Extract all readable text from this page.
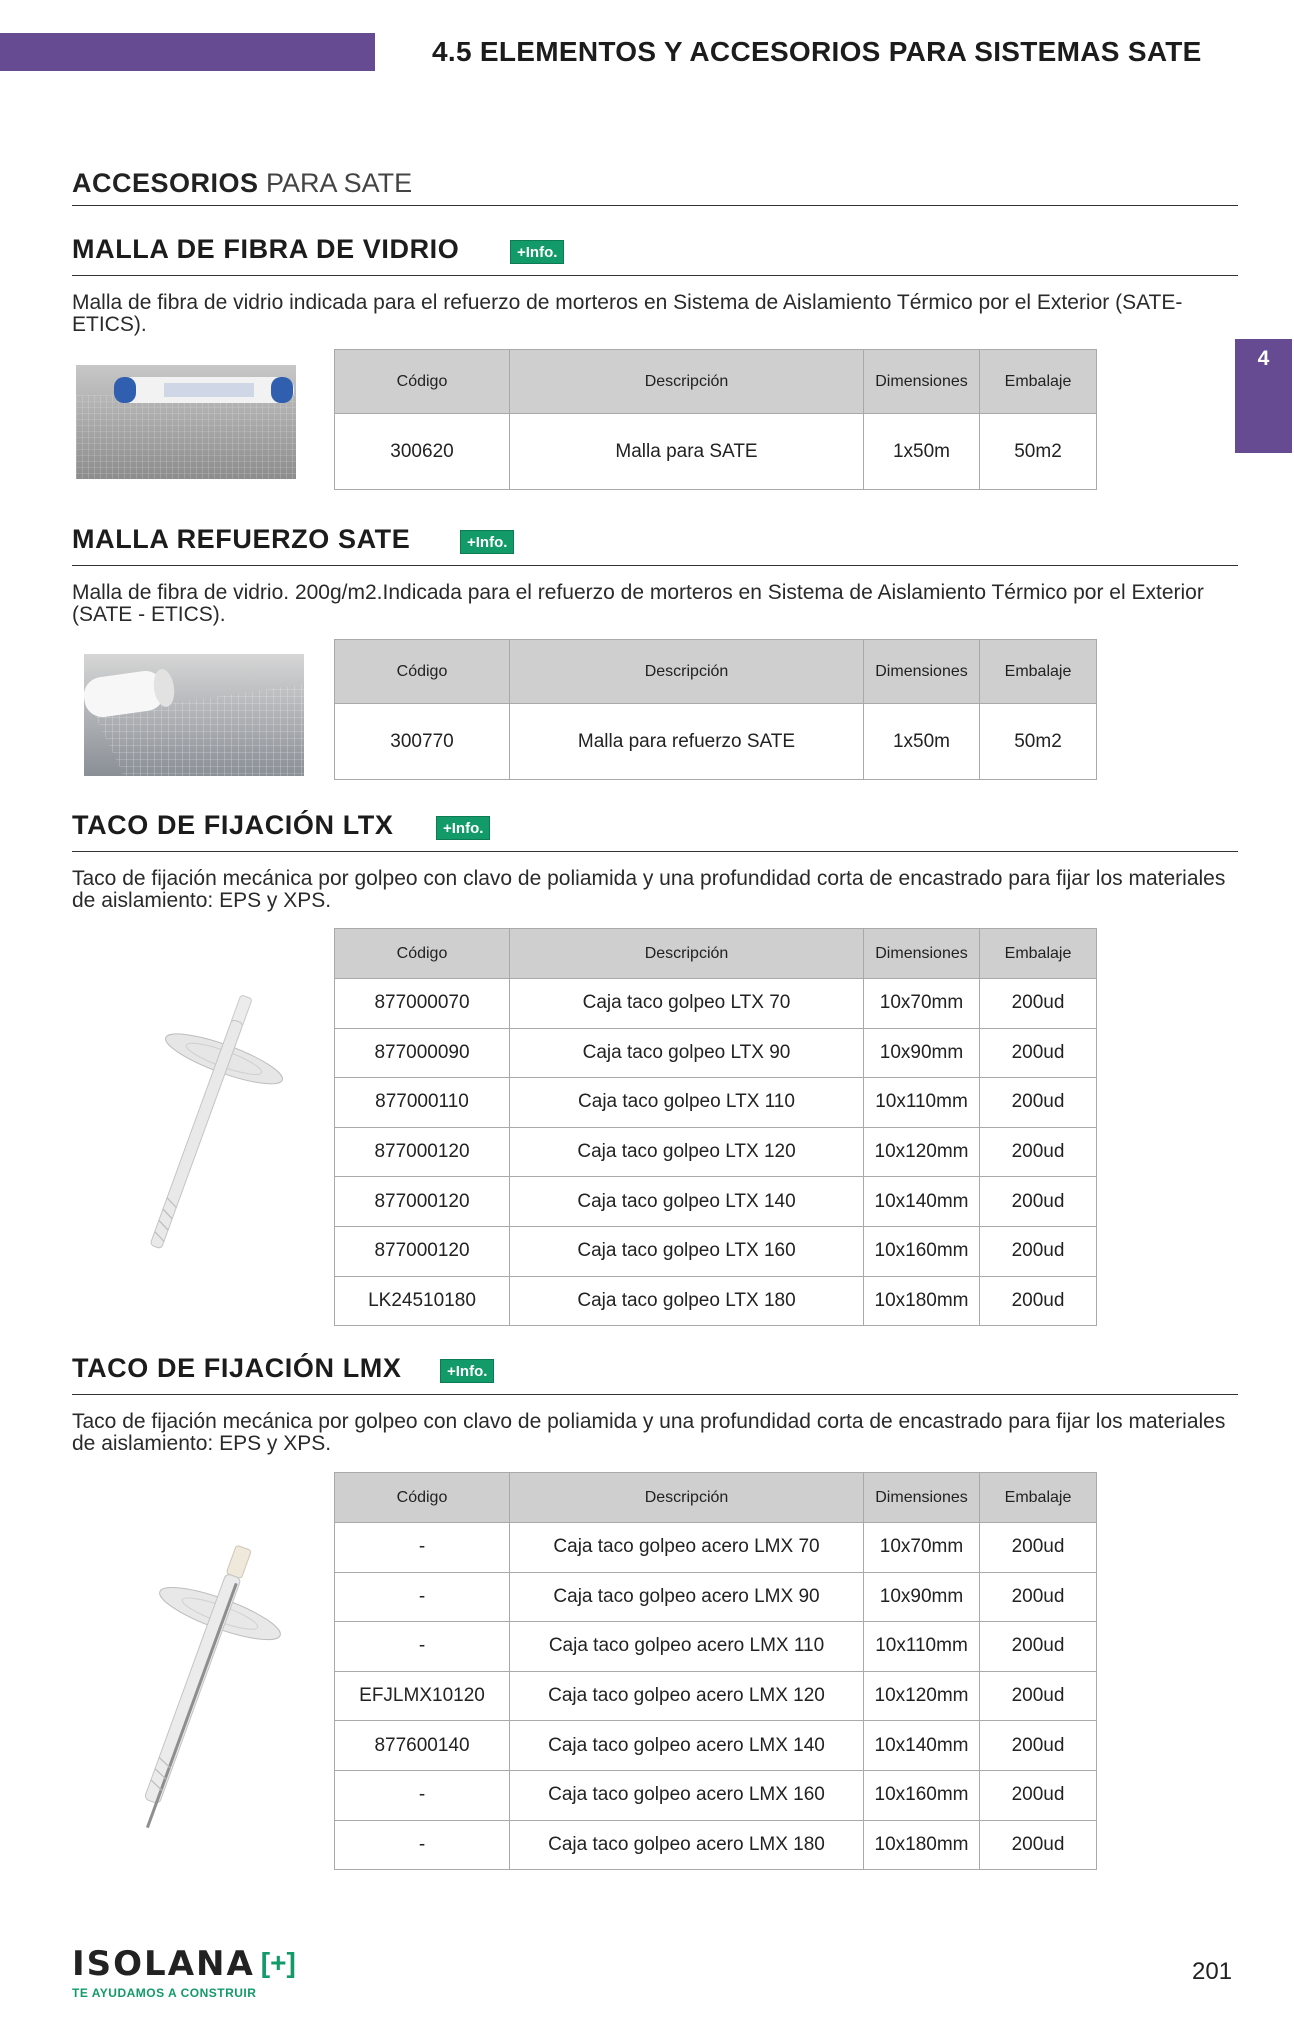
4.5 ELEMENTOS Y ACCESORIOS PARA SISTEMAS SATE
4
ACCESORIOS PARA SATE
MALLA DE FIBRA DE VIDRIO	+Info.
Malla de fibra de vidrio indicada para el refuerzo de morteros en Sistema de Aislamiento Térmico por el Exterior (SATE-ETICS).
Código	Descripción	Dimensiones	Embalaje
300620	Malla para SATE	1x50m	50m2
MALLA REFUERZO SATE	+Info.
Malla de fibra de vidrio. 200g/m2.Indicada para el refuerzo de morteros en Sistema de Aislamiento Térmico por el Exterior (SATE - ETICS).
Código	Descripción	Dimensiones	Embalaje
300770	Malla para refuerzo SATE	1x50m	50m2
TACO DE FIJACIÓN LTX	+Info.
Taco de fijación mecánica por golpeo con clavo de poliamida y una profundidad corta de encastrado para fijar los materiales de aislamiento: EPS y XPS.
Código	Descripción	Dimensiones	Embalaje
877000070	Caja taco golpeo LTX 70	10x70mm	200ud
877000090	Caja taco golpeo LTX 90	10x90mm	200ud
877000110	Caja taco golpeo LTX 110	10x110mm	200ud
877000120	Caja taco golpeo LTX 120	10x120mm	200ud
877000120	Caja taco golpeo LTX 140	10x140mm	200ud
877000120	Caja taco golpeo LTX 160	10x160mm	200ud
LK24510180	Caja taco golpeo LTX 180	10x180mm	200ud
TACO DE FIJACIÓN LMX	+Info.
Taco de fijación mecánica por golpeo con clavo de poliamida y una profundidad corta de encastrado para fijar los materiales de aislamiento: EPS y XPS.
Código	Descripción	Dimensiones	Embalaje
-	Caja taco golpeo acero LMX 70	10x70mm	200ud
-	Caja taco golpeo acero LMX 90	10x90mm	200ud
-	Caja taco golpeo acero LMX 110	10x110mm	200ud
EFJLMX10120	Caja taco golpeo acero LMX 120	10x120mm	200ud
877600140	Caja taco golpeo acero LMX 140	10x140mm	200ud
-	Caja taco golpeo acero LMX 160	10x160mm	200ud
-	Caja taco golpeo acero LMX 180	10x180mm	200ud
ISOLANA [+]
TE AYUDAMOS A CONSTRUIR
201
